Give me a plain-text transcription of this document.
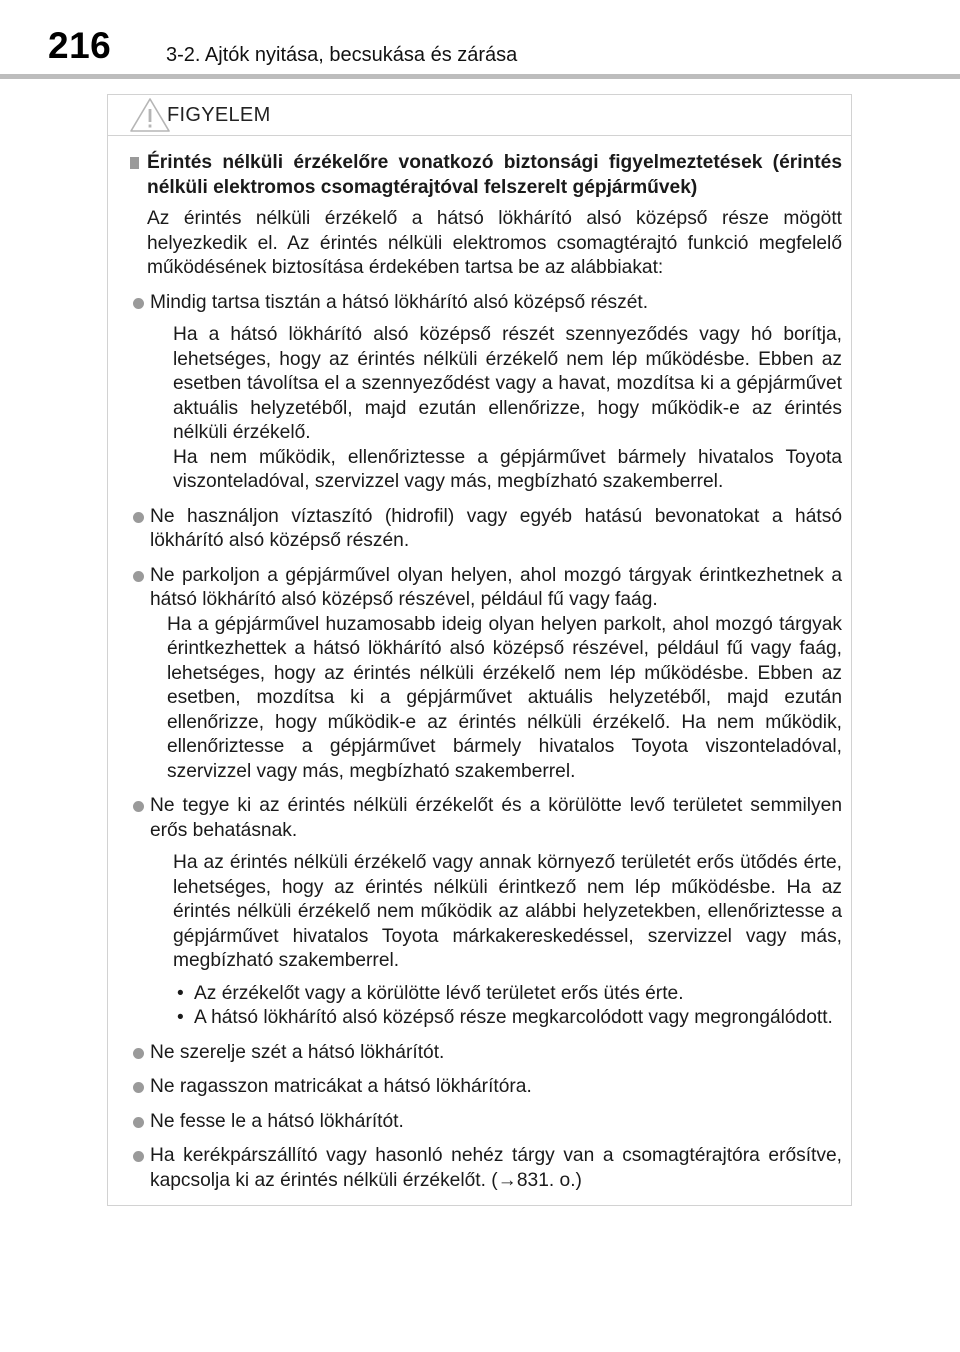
216	3-2. Ajtók nyitása, becsukása és zárása
FIGYELEM
Érintés nélküli érzékelőre vonatkozó biztonsági figyelmeztetések (érintés nélküli elektromos csomagtérajtóval felszerelt gépjárművek)

Az érintés nélküli érzékelő a hátsó lökhárító alsó középső része mögött helyezkedik el. Az érintés nélküli elektromos csomagtérajtó funkció megfelelő működésének biztosítása érdekében tartsa be az alábbiakat:

Mindig tartsa tisztán a hátsó lökhárító alsó középső részét.

Ha a hátsó lökhárító alsó középső részét szennyeződés vagy hó borítja, lehetséges, hogy az érintés nélküli érzékelő nem lép működésbe. Ebben az esetben távolítsa el a szennyeződést vagy a havat, mozdítsa ki a gépjárművet aktuális helyzetéből, majd ezután ellenőrizze, hogy működik-e az érintés nélküli érzékelő.

Ha nem működik, ellenőriztesse a gépjárművet bármely hivatalos Toyota viszonteladóval, szervizzel vagy más, megbízható szakemberrel.

Ne használjon víztaszító (hidrofil) vagy egyéb hatású bevonatokat a hátsó lökhárító alsó középső részén.
Ne parkoljon a gépjárművel olyan helyen, ahol mozgó tárgyak érintkezhetnek a hátsó lökhárító alsó középső részével, például fű vagy faág.

Ha a gépjárművel huzamosabb ideig olyan helyen parkolt, ahol mozgó tárgyak érintkezhettek a hátsó lökhárító alsó középső részével, például fű vagy faág, lehetséges, hogy az érintés nélküli érzékelő nem lép működésbe. Ebben az esetben, mozdítsa ki a gépjárművet aktuális helyzetéből, majd ezután ellenőrizze, hogy működik-e az érintés nélküli érzékelő. Ha nem működik, ellenőriztesse a gépjárművet bármely hivatalos Toyota viszonteladóval, szervizzel vagy más, megbízható szakemberrel.

Ne tegye ki az érintés nélküli érzékelőt és a körülötte levő területet semmilyen erős behatásnak.

Ha az érintés nélküli érzékelő vagy annak környező területét erős ütődés érte, lehetséges, hogy az érintés nélküli érintkező nem lép működésbe. Ha az érintés nélküli érzékelő nem működik az alábbi helyzetekben, ellenőriztesse a gépjárművet hivatalos Toyota márkakereskedéssel, szervizzel vagy más, megbízható szakemberrel.

• Az érzékelőt vagy a körülötte lévő területet erős ütés érte.
• A hátsó lökhárító alsó középső része megkarcolódott vagy megrongálódott.
Ne szerelje szét a hátsó lökhárítót.
Ne ragasszon matricákat a hátsó lökhárítóra.
Ne fesse le a hátsó lökhárítót.
Ha kerékpárszállító vagy hasonló nehéz tárgy van a csomagtérajtóra erősítve, kapcsolja ki az érintés nélküli érzékelőt. (→831. o.)
